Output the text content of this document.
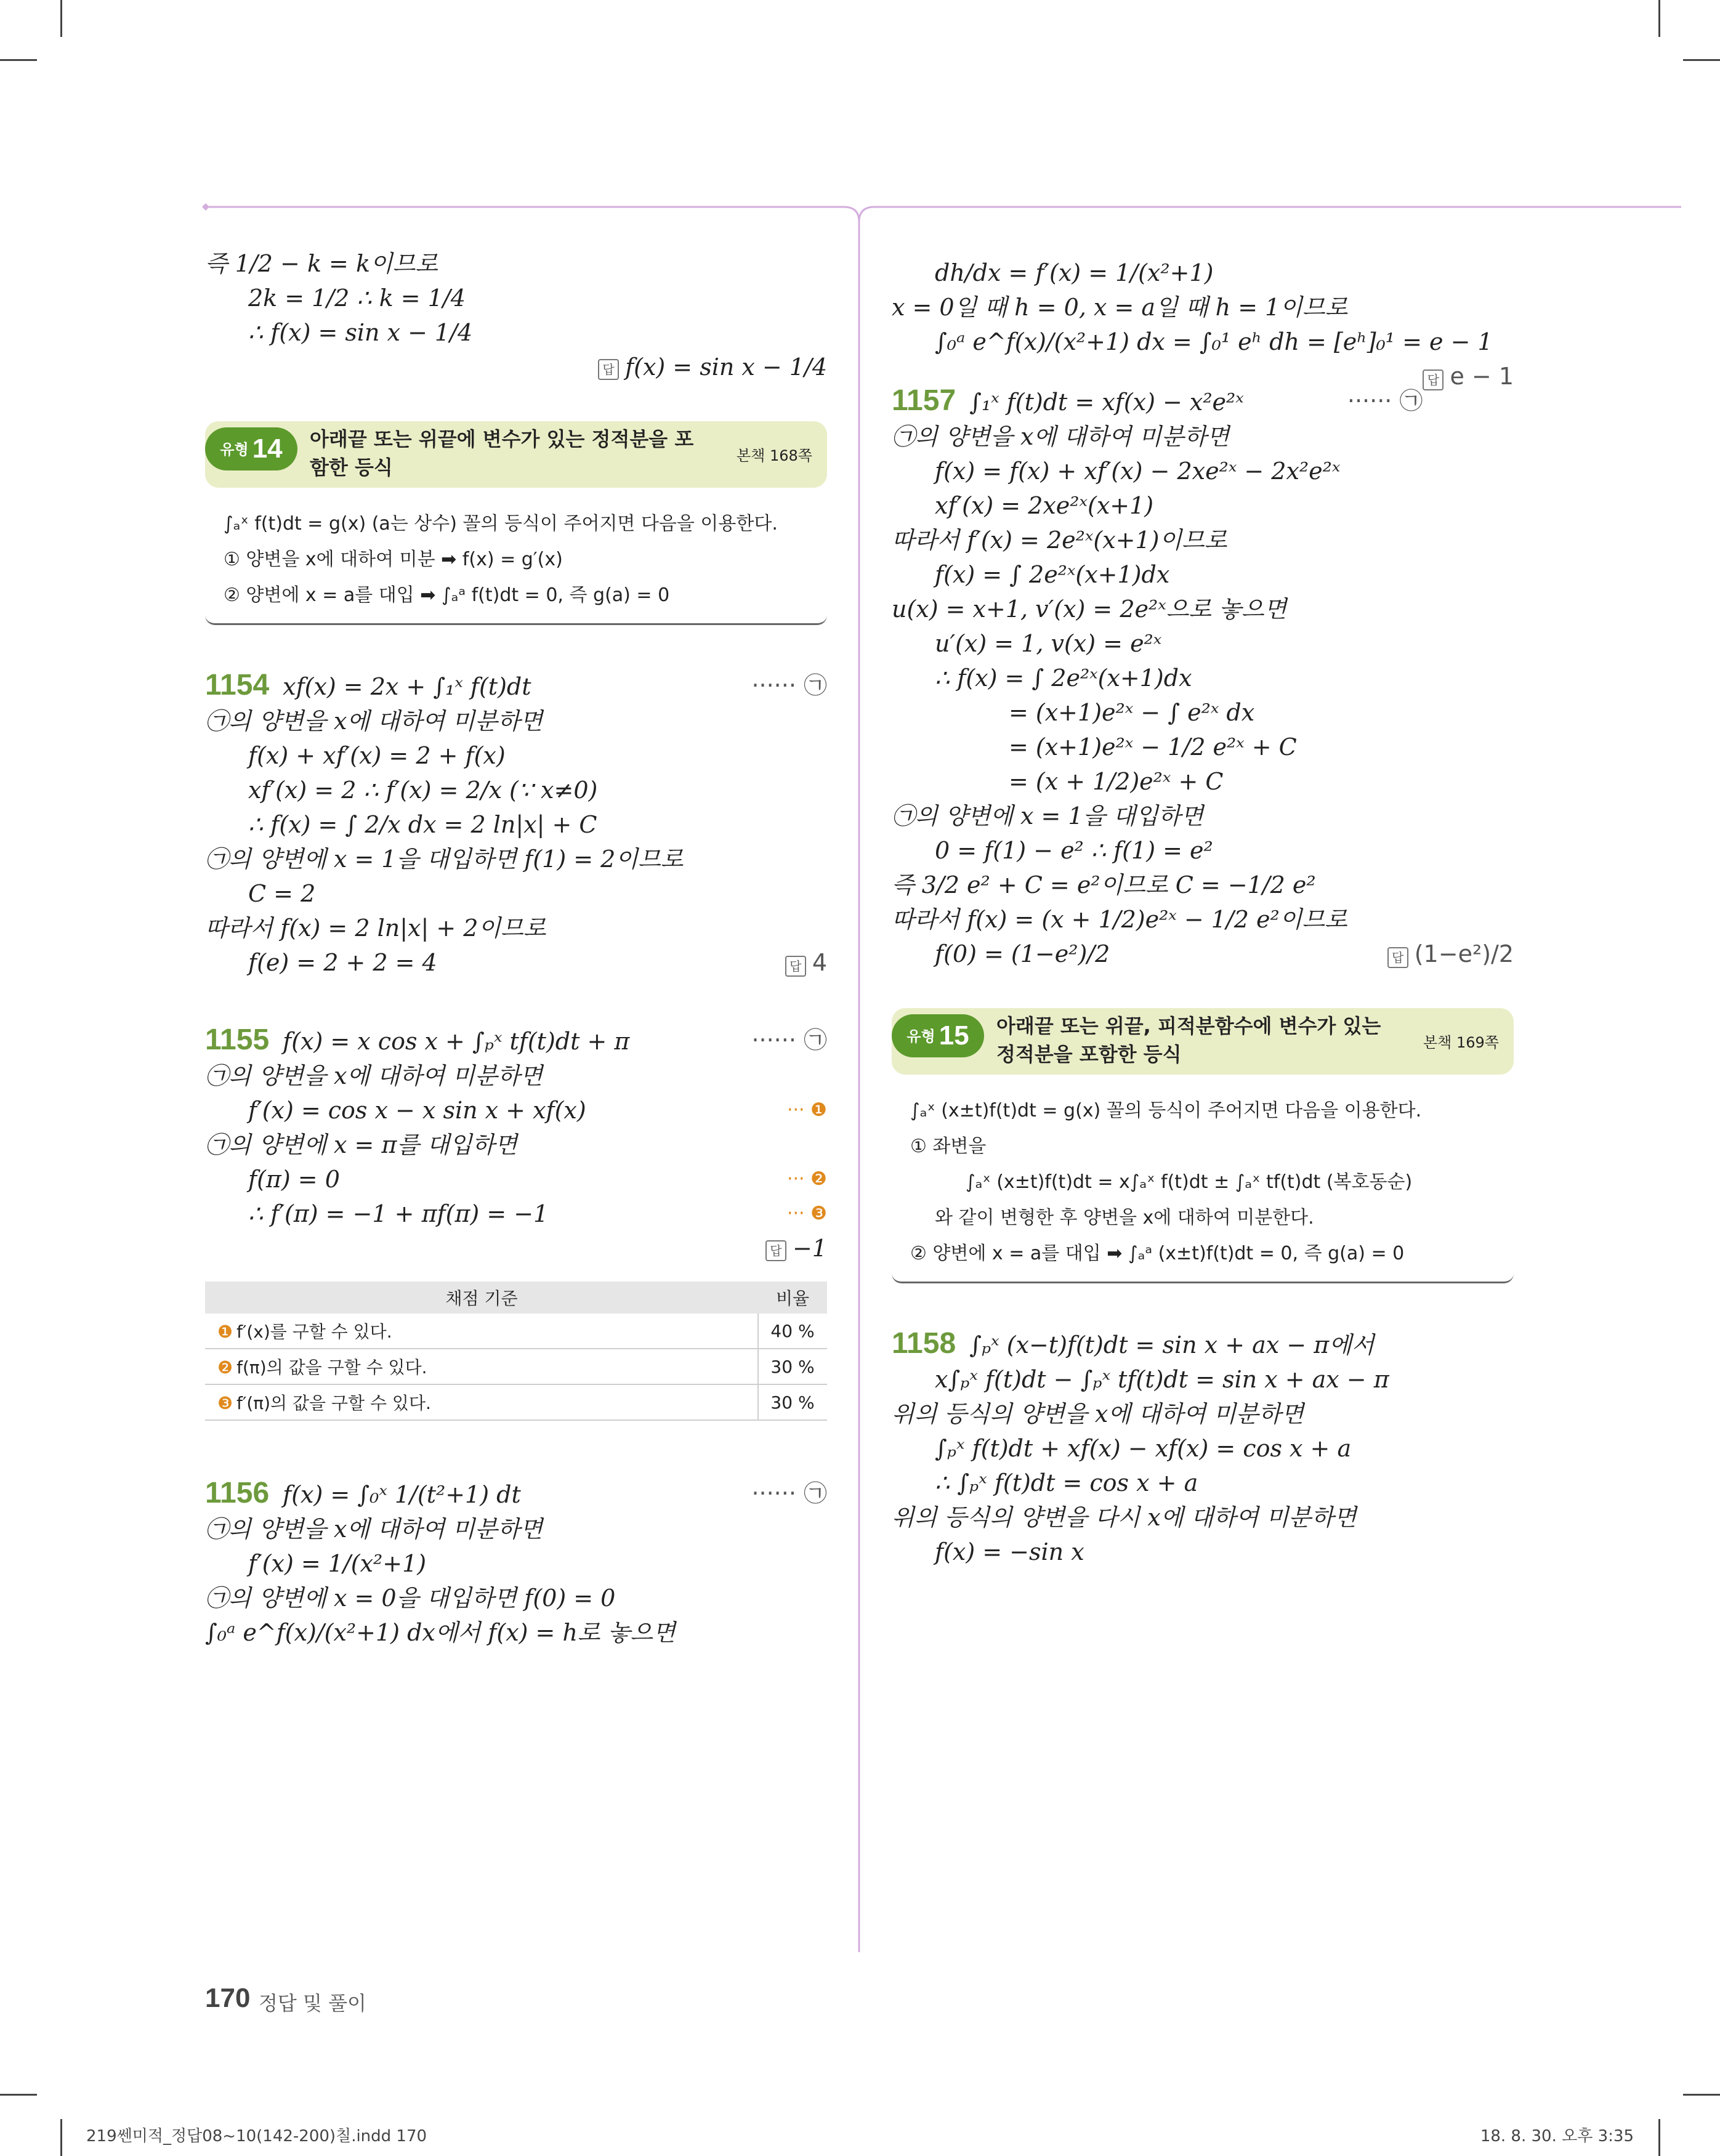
즉 1/2 − k = k이므로
2k = 1/2 ∴ k = 1/4
∴ f(x) = sin x − 1/4
답 f(x) = sin x − 1/4
유형 14	아래끝 또는 위끝에 변수가 있는 정적분을 포함한 등식	본책 168쪽
∫ₐˣ f(t)dt = g(x) (a는 상수) 꼴의 등식이 주어지면 다음을 이용한다.
① 양변을 x에 대하여 미분 ➡ f(x) = g′(x)
② 양변에 x = a를 대입 ➡ ∫ₐᵃ f(t)dt = 0, 즉 g(a) = 0
1154 xf(x) = 2x + ∫₁ˣ f(t)dt	······ ㉠
㉠의 양변을 x에 대하여 미분하면
f(x) + xf′(x) = 2 + f(x)
xf′(x) = 2 ∴ f′(x) = 2/x (∵ x≠0)
∴ f(x) = ∫ 2/x dx = 2 ln|x| + C
㉠의 양변에 x = 1을 대입하면 f(1) = 2이므로
C = 2
따라서 f(x) = 2 ln|x| + 2이므로
f(e) = 2 + 2 = 4	답 4
1155 f(x) = x cos x + ∫ₚˣ tf(t)dt + π	······ ㉠
㉠의 양변을 x에 대하여 미분하면
f′(x) = cos x − x sin x + xf(x)	··· ❶
㉠의 양변에 x = π를 대입하면
f(π) = 0	··· ❷
∴ f′(π) = −1 + πf(π) = −1	··· ❸
답 −1
채점 기준	비율
❶ f′(x)를 구할 수 있다.	40 %
❷ f(π)의 값을 구할 수 있다.	30 %
❸ f′(π)의 값을 구할 수 있다.	30 %
1156 f(x) = ∫₀ˣ 1/(t²+1) dt	······ ㉠
㉠의 양변을 x에 대하여 미분하면
f′(x) = 1/(x²+1)
㉠의 양변에 x = 0을 대입하면 f(0) = 0
∫₀ᵃ e^f(x)/(x²+1) dx에서 f(x) = h로 놓으면
dh/dx = f′(x) = 1/(x²+1)
x = 0일 때 h = 0, x = a일 때 h = 1이므로
∫₀ᵃ e^f(x)/(x²+1) dx = ∫₀¹ eʰ dh = [eʰ]₀¹ = e − 1
답 e − 1
1157 ∫₁ˣ f(t)dt = xf(x) − x²e²ˣ	······ ㉠
㉠의 양변을 x에 대하여 미분하면
f(x) = f(x) + xf′(x) − 2xe²ˣ − 2x²e²ˣ
xf′(x) = 2xe²ˣ(x+1)
따라서 f′(x) = 2e²ˣ(x+1)이므로
f(x) = ∫ 2e²ˣ(x+1)dx
u(x) = x+1, v′(x) = 2e²ˣ으로 놓으면
u′(x) = 1, v(x) = e²ˣ
∴ f(x) = ∫ 2e²ˣ(x+1)dx
= (x+1)e²ˣ − ∫ e²ˣ dx
= (x+1)e²ˣ − 1/2 e²ˣ + C
= (x + 1/2)e²ˣ + C
㉠의 양변에 x = 1을 대입하면
0 = f(1) − e² ∴ f(1) = e²
즉 3/2 e² + C = e²이므로 C = −1/2 e²
따라서 f(x) = (x + 1/2)e²ˣ − 1/2 e²이므로
f(0) = (1−e²)/2	답 (1−e²)/2
유형 15	아래끝 또는 위끝, 피적분함수에 변수가 있는 정적분을 포함한 등식	본책 169쪽
∫ₐˣ (x±t)f(t)dt = g(x) 꼴의 등식이 주어지면 다음을 이용한다.
① 좌변을
∫ₐˣ (x±t)f(t)dt = x∫ₐˣ f(t)dt ± ∫ₐˣ tf(t)dt (복호동순)
와 같이 변형한 후 양변을 x에 대하여 미분한다.
② 양변에 x = a를 대입 ➡ ∫ₐᵃ (x±t)f(t)dt = 0, 즉 g(a) = 0
1158 ∫ₚˣ (x−t)f(t)dt = sin x + ax − π에서
x∫ₚˣ f(t)dt − ∫ₚˣ tf(t)dt = sin x + ax − π
위의 등식의 양변을 x에 대하여 미분하면
∫ₚˣ f(t)dt + xf(x) − xf(x) = cos x + a
∴ ∫ₚˣ f(t)dt = cos x + a
위의 등식의 양변을 다시 x에 대하여 미분하면
f(x) = −sin x
170 정답 및 풀이
219쎈미적_정답08~10(142-200)칠.indd 170	18. 8. 30. 오후 3:35
